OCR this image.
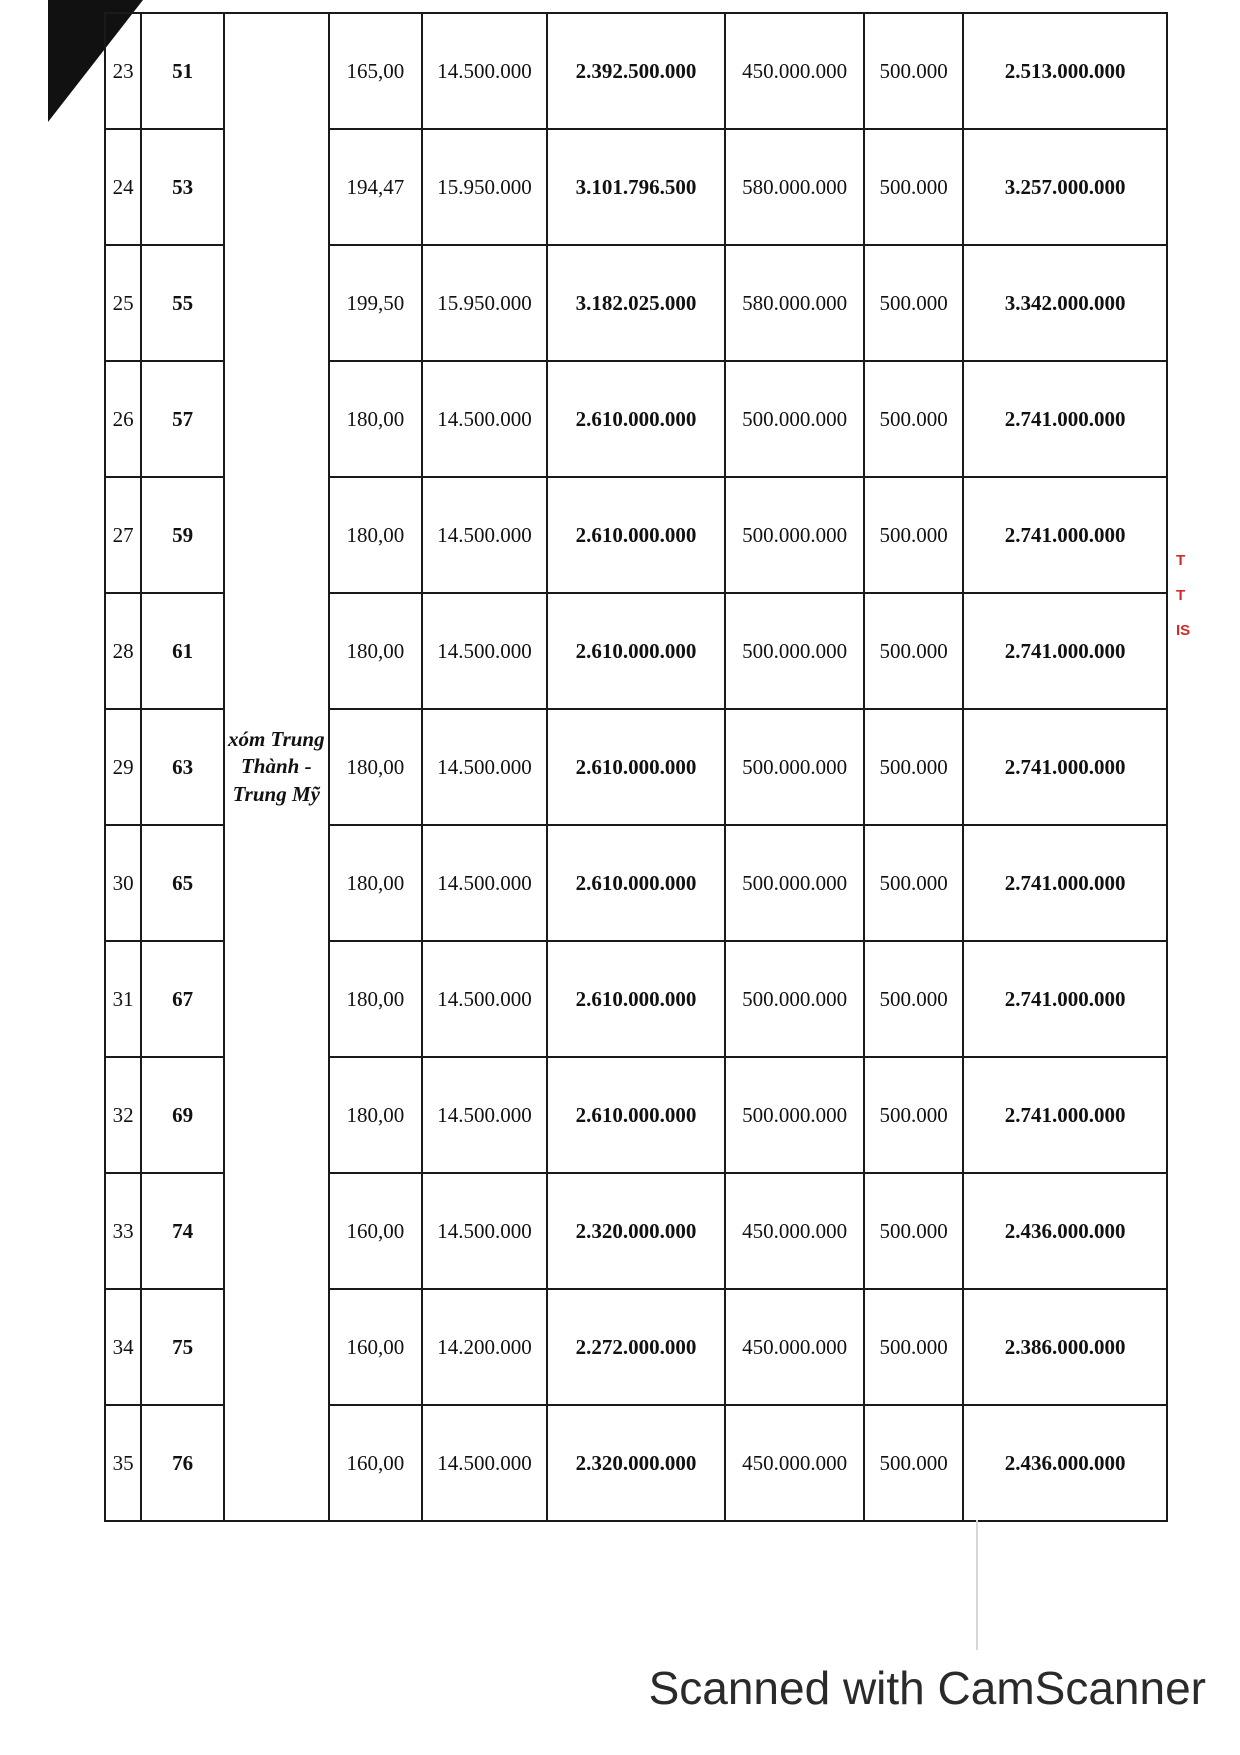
23	51	xóm Trung Thành - Trung Mỹ	165,00	14.500.000	2.392.500.000	450.000.000	500.000	2.513.000.000
24	53		194,47	15.950.000	3.101.796.500	580.000.000	500.000	3.257.000.000
25	55		199,50	15.950.000	3.182.025.000	580.000.000	500.000	3.342.000.000
26	57		180,00	14.500.000	2.610.000.000	500.000.000	500.000	2.741.000.000
27	59		180,00	14.500.000	2.610.000.000	500.000.000	500.000	2.741.000.000
28	61		180,00	14.500.000	2.610.000.000	500.000.000	500.000	2.741.000.000
29	63		180,00	14.500.000	2.610.000.000	500.000.000	500.000	2.741.000.000
30	65		180,00	14.500.000	2.610.000.000	500.000.000	500.000	2.741.000.000
31	67		180,00	14.500.000	2.610.000.000	500.000.000	500.000	2.741.000.000
32	69		180,00	14.500.000	2.610.000.000	500.000.000	500.000	2.741.000.000
33	74		160,00	14.500.000	2.320.000.000	450.000.000	500.000	2.436.000.000
34	75		160,00	14.200.000	2.272.000.000	450.000.000	500.000	2.386.000.000
35	76		160,00	14.500.000	2.320.000.000	450.000.000	500.000	2.436.000.000
T
T
IS
Scanned with CamScanner
